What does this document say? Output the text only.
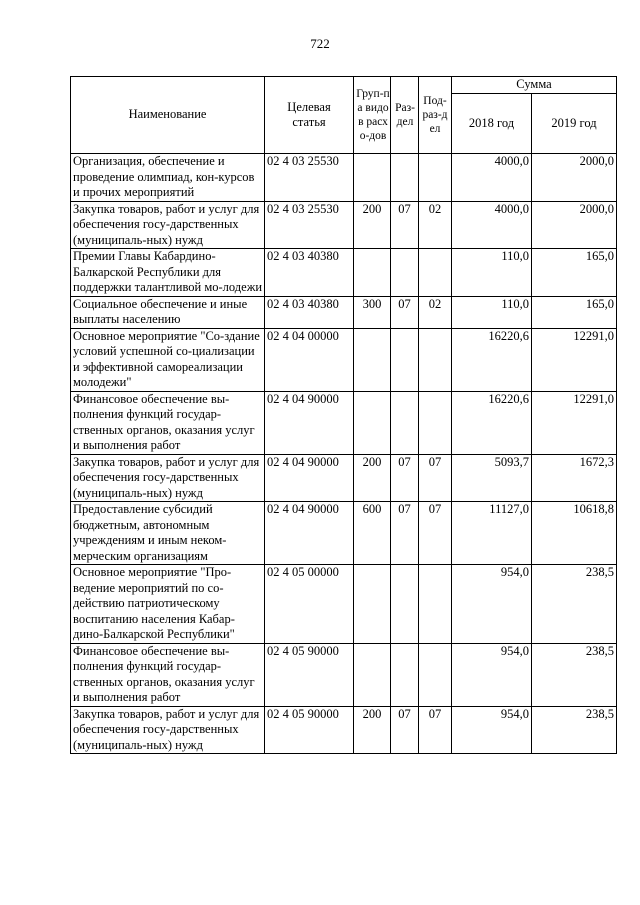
722
Наименование	Целевая статья	Груп-па видов расхо-дов	Раз-дел	Под-раз-дел	Сумма	
					2018 год	2019 год
Организация, обеспечение и проведение олимпиад, кон-курсов и прочих мероприятий	02 4 03 25530				4000,0	2000,0
Закупка товаров, работ и услуг для обеспечения госу-дарственных (муниципаль-ных) нужд	02 4 03 25530	200	07	02	4000,0	2000,0
Премии Главы Кабардино-Балкарской Республики для поддержки талантливой мо-лодежи	02 4 03 40380				110,0	165,0
Социальное обеспечение и иные выплаты населению	02 4 03 40380	300	07	02	110,0	165,0
Основное мероприятие "Со-здание условий успешной со-циализации и эффективной самореализации молодежи"	02 4 04 00000				16220,6	12291,0
Финансовое обеспечение вы-полнения функций государ-ственных органов, оказания услуг и выполнения работ	02 4 04 90000				16220,6	12291,0
Закупка товаров, работ и услуг для обеспечения госу-дарственных (муниципаль-ных) нужд	02 4 04 90000	200	07	07	5093,7	1672,3
Предоставление субсидий бюджетным, автономным учреждениям и иным неком-мерческим организациям	02 4 04 90000	600	07	07	11127,0	10618,8
Основное мероприятие "Про-ведение мероприятий по со-действию патриотическому воспитанию населения Кабар-дино-Балкарской Республики"	02 4 05 00000				954,0	238,5
Финансовое обеспечение вы-полнения функций государ-ственных органов, оказания услуг и выполнения работ	02 4 05 90000				954,0	238,5
Закупка товаров, работ и услуг для обеспечения госу-дарственных (муниципаль-ных) нужд	02 4 05 90000	200	07	07	954,0	238,5
